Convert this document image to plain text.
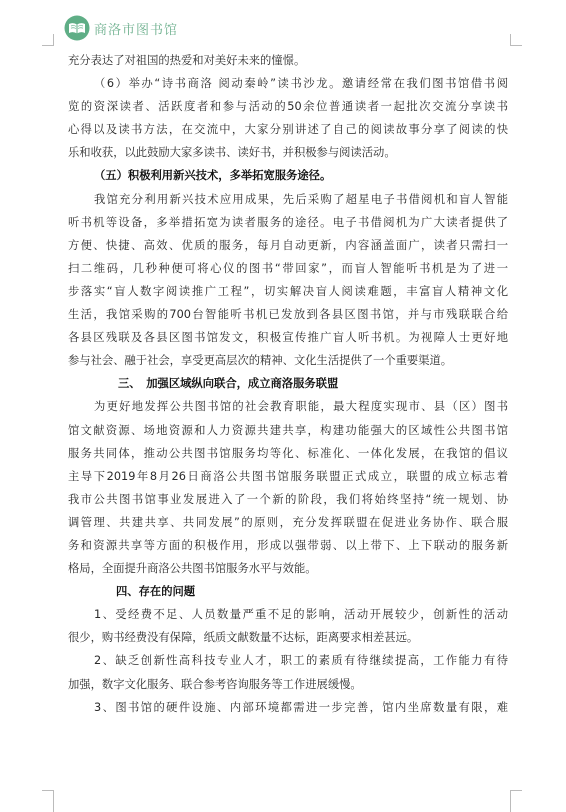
商洛市图书馆
充分表达了对祖国的热爱和对美好未来的憧憬。
（6）举办“诗书商洛 阅动秦岭”读书沙龙。邀请经常在我们图书馆借书阅
览的资深读者、活跃度者和参与活动的50余位普通读者一起批次交流分享读书
心得以及读书方法，在交流中，大家分别讲述了自己的阅读故事分享了阅读的快
乐和收获，以此鼓励大家多读书、读好书，并积极参与阅读活动。
（五）积极利用新兴技术，多举拓宽服务途径。
我馆充分利用新兴技术应用成果，先后采购了超星电子书借阅机和盲人智能
听书机等设备，多举措拓宽为读者服务的途径。电子书借阅机为广大读者提供了
方便、快捷、高效、优质的服务，每月自动更新，内容涵盖面广，读者只需扫一
扫二维码，几秒种便可将心仪的图书“带回家”，而盲人智能听书机是为了进一
步落实“盲人数字阅读推广工程”，切实解决盲人阅读难题，丰富盲人精神文化
生活，我馆采购的700台智能听书机已发放到各县区图书馆，并与市残联联合给
各县区残联及各县区图书馆发文，积极宣传推广盲人听书机。为视障人士更好地
参与社会、融于社会，享受更高层次的精神、文化生活提供了一个重要渠道。
三、　加强区域纵向联合，成立商洛服务联盟
为更好地发挥公共图书馆的社会教育职能，最大程度实现市、县（区）图书
馆文献资源、场地资源和人力资源共建共享，构建功能强大的区域性公共图书馆
服务共同体，推动公共图书馆服务均等化、标准化、一体化发展，在我馆的倡议
主导下2019年8月26日商洛公共图书馆服务联盟正式成立，联盟的成立标志着
我市公共图书馆事业发展进入了一个新的阶段，我们将始终坚持“统一规划、协
调管理、共建共享、共同发展”的原则，充分发挥联盟在促进业务协作、联合服
务和资源共享等方面的积极作用，形成以强带弱、以上带下、上下联动的服务新
格局，全面提升商洛公共图书馆服务水平与效能。
四、存在的问题
1、受经费不足、人员数量严重不足的影响，活动开展较少，创新性的活动
很少，购书经费没有保障，纸质文献数量不达标，距离要求相差甚远。
2、缺乏创新性高科技专业人才，职工的素质有待继续提高，工作能力有待
加强，数字文化服务、联合参考咨询服务等工作进展缓慢。
3、图书馆的硬件设施、内部环境都需进一步完善，馆内坐席数量有限，难
